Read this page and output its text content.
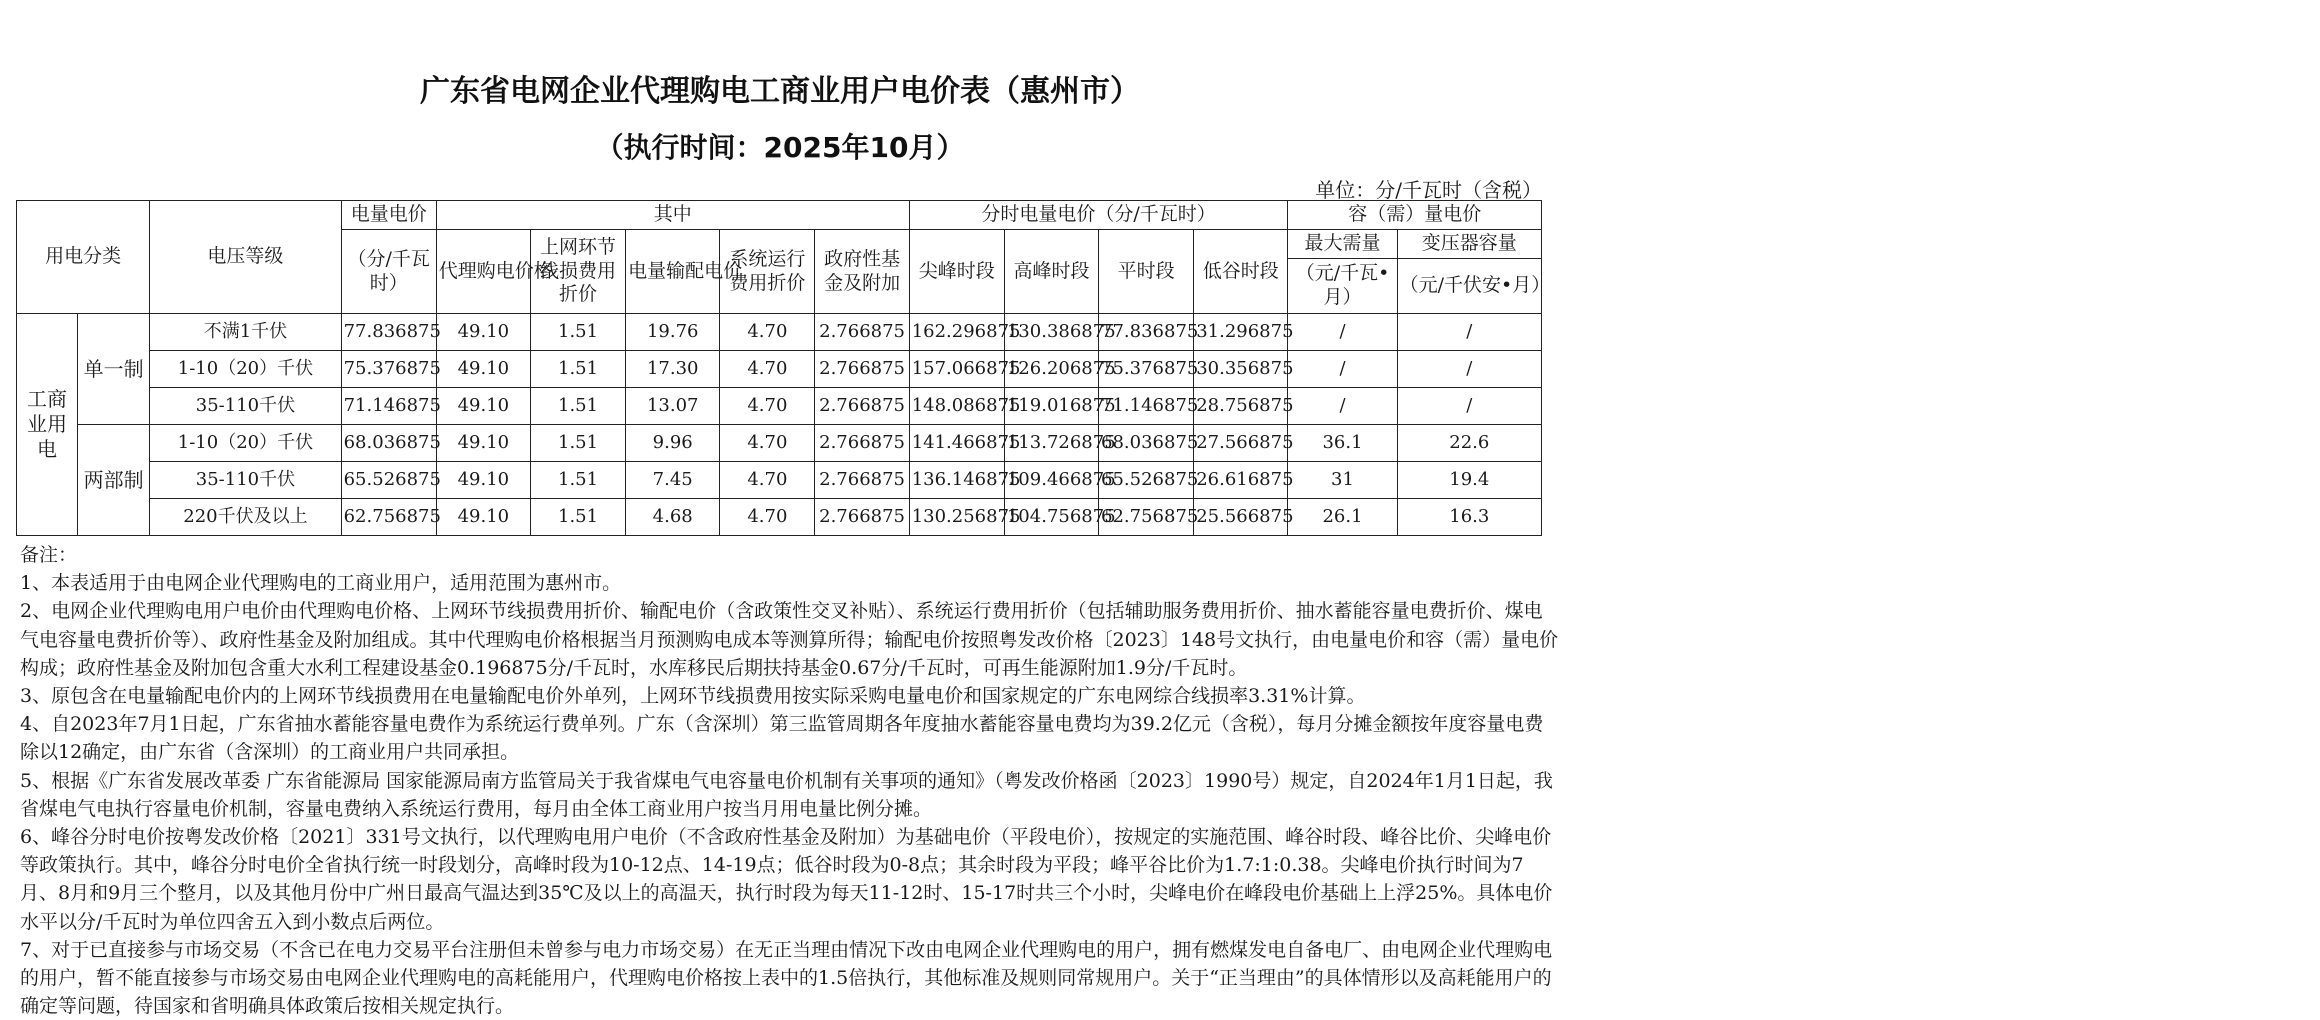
广东省电网企业代理购电工商业用户电价表（惠州市）
（执行时间：2025年10月）
单位：分/千瓦时（含税）
用电分类		电压等级	电量电价	其中					分时电量电价（分/千瓦时）				容（需）量电价	
			（分/千瓦时）	代理购电价格	上网环节线损费用折价	电量输配电价	系统运行费用折价	政府性基金及附加	尖峰时段	高峰时段	平时段	低谷时段	最大需量	变压器容量
													（元/千瓦•月）	（元/千伏安•月）
工商业用电	单一制	不满1千伏	77.836875	49.10	1.51	19.76	4.70	2.766875	162.296875	130.386875	77.836875	31.296875	/	/
		1-10（20）千伏	75.376875	49.10	1.51	17.30	4.70	2.766875	157.066875	126.206875	75.376875	30.356875	/	/
		35-110千伏	71.146875	49.10	1.51	13.07	4.70	2.766875	148.086875	119.016875	71.146875	28.756875	/	/
	两部制	1-10（20）千伏	68.036875	49.10	1.51	9.96	4.70	2.766875	141.466875	113.726875	68.036875	27.566875	36.1	22.6
		35-110千伏	65.526875	49.10	1.51	7.45	4.70	2.766875	136.146875	109.466875	65.526875	26.616875	31	19.4
		220千伏及以上	62.756875	49.10	1.51	4.68	4.70	2.766875	130.256875	104.756875	62.756875	25.566875	26.1	16.3

备注：

1、本表适用于由电网企业代理购电的工商业用户，适用范围为惠州市。

2、电网企业代理购电用户电价由代理购电价格、上网环节线损费用折价、输配电价（含政策性交叉补贴）、系统运行费用折价（包括辅助服务费用折价、抽水蓄能容量电费折价、煤电气电容量电费折价等）、政府性基金及附加组成。其中代理购电价格根据当月预测购电成本等测算所得；输配电价按照粤发改价格〔2023〕148号文执行，由电量电价和容（需）量电价构成；政府性基金及附加包含重大水利工程建设基金0.196875分/千瓦时，水库移民后期扶持基金0.67分/千瓦时，可再生能源附加1.9分/千瓦时。

3、原包含在电量输配电价内的上网环节线损费用在电量输配电价外单列，上网环节线损费用按实际采购电量电价和国家规定的广东电网综合线损率3.31%计算。

4、自2023年7月1日起，广东省抽水蓄能容量电费作为系统运行费单列。广东（含深圳）第三监管周期各年度抽水蓄能容量电费均为39.2亿元（含税），每月分摊金额按年度容量电费除以12确定，由广东省（含深圳）的工商业用户共同承担。

5、根据《广东省发展改革委 广东省能源局 国家能源局南方监管局关于我省煤电气电容量电价机制有关事项的通知》（粤发改价格函〔2023〕1990号）规定，自2024年1月1日起，我省煤电气电执行容量电价机制，容量电费纳入系统运行费用，每月由全体工商业用户按当月用电量比例分摊。

6、峰谷分时电价按粤发改价格〔2021〕331号文执行，以代理购电用户电价（不含政府性基金及附加）为基础电价（平段电价），按规定的实施范围、峰谷时段、峰谷比价、尖峰电价等政策执行。其中，峰谷分时电价全省执行统一时段划分，高峰时段为10-12点、14-19点；低谷时段为0-8点；其余时段为平段；峰平谷比价为1.7:1:0.38。尖峰电价执行时间为7月、8月和9月三个整月，以及其他月份中广州日最高气温达到35℃及以上的高温天，执行时段为每天11-12时、15-17时共三个小时，尖峰电价在峰段电价基础上上浮25%。具体电价水平以分/千瓦时为单位四舍五入到小数点后两位。

7、对于已直接参与市场交易（不含已在电力交易平台注册但未曾参与电力市场交易）在无正当理由情况下改由电网企业代理购电的用户，拥有燃煤发电自备电厂、由电网企业代理购电的用户，暂不能直接参与市场交易由电网企业代理购电的高耗能用户，代理购电价格按上表中的1.5倍执行，其他标准及规则同常规用户。关于“正当理由”的具体情形以及高耗能用户的确定等问题，待国家和省明确具体政策后按相关规定执行。
